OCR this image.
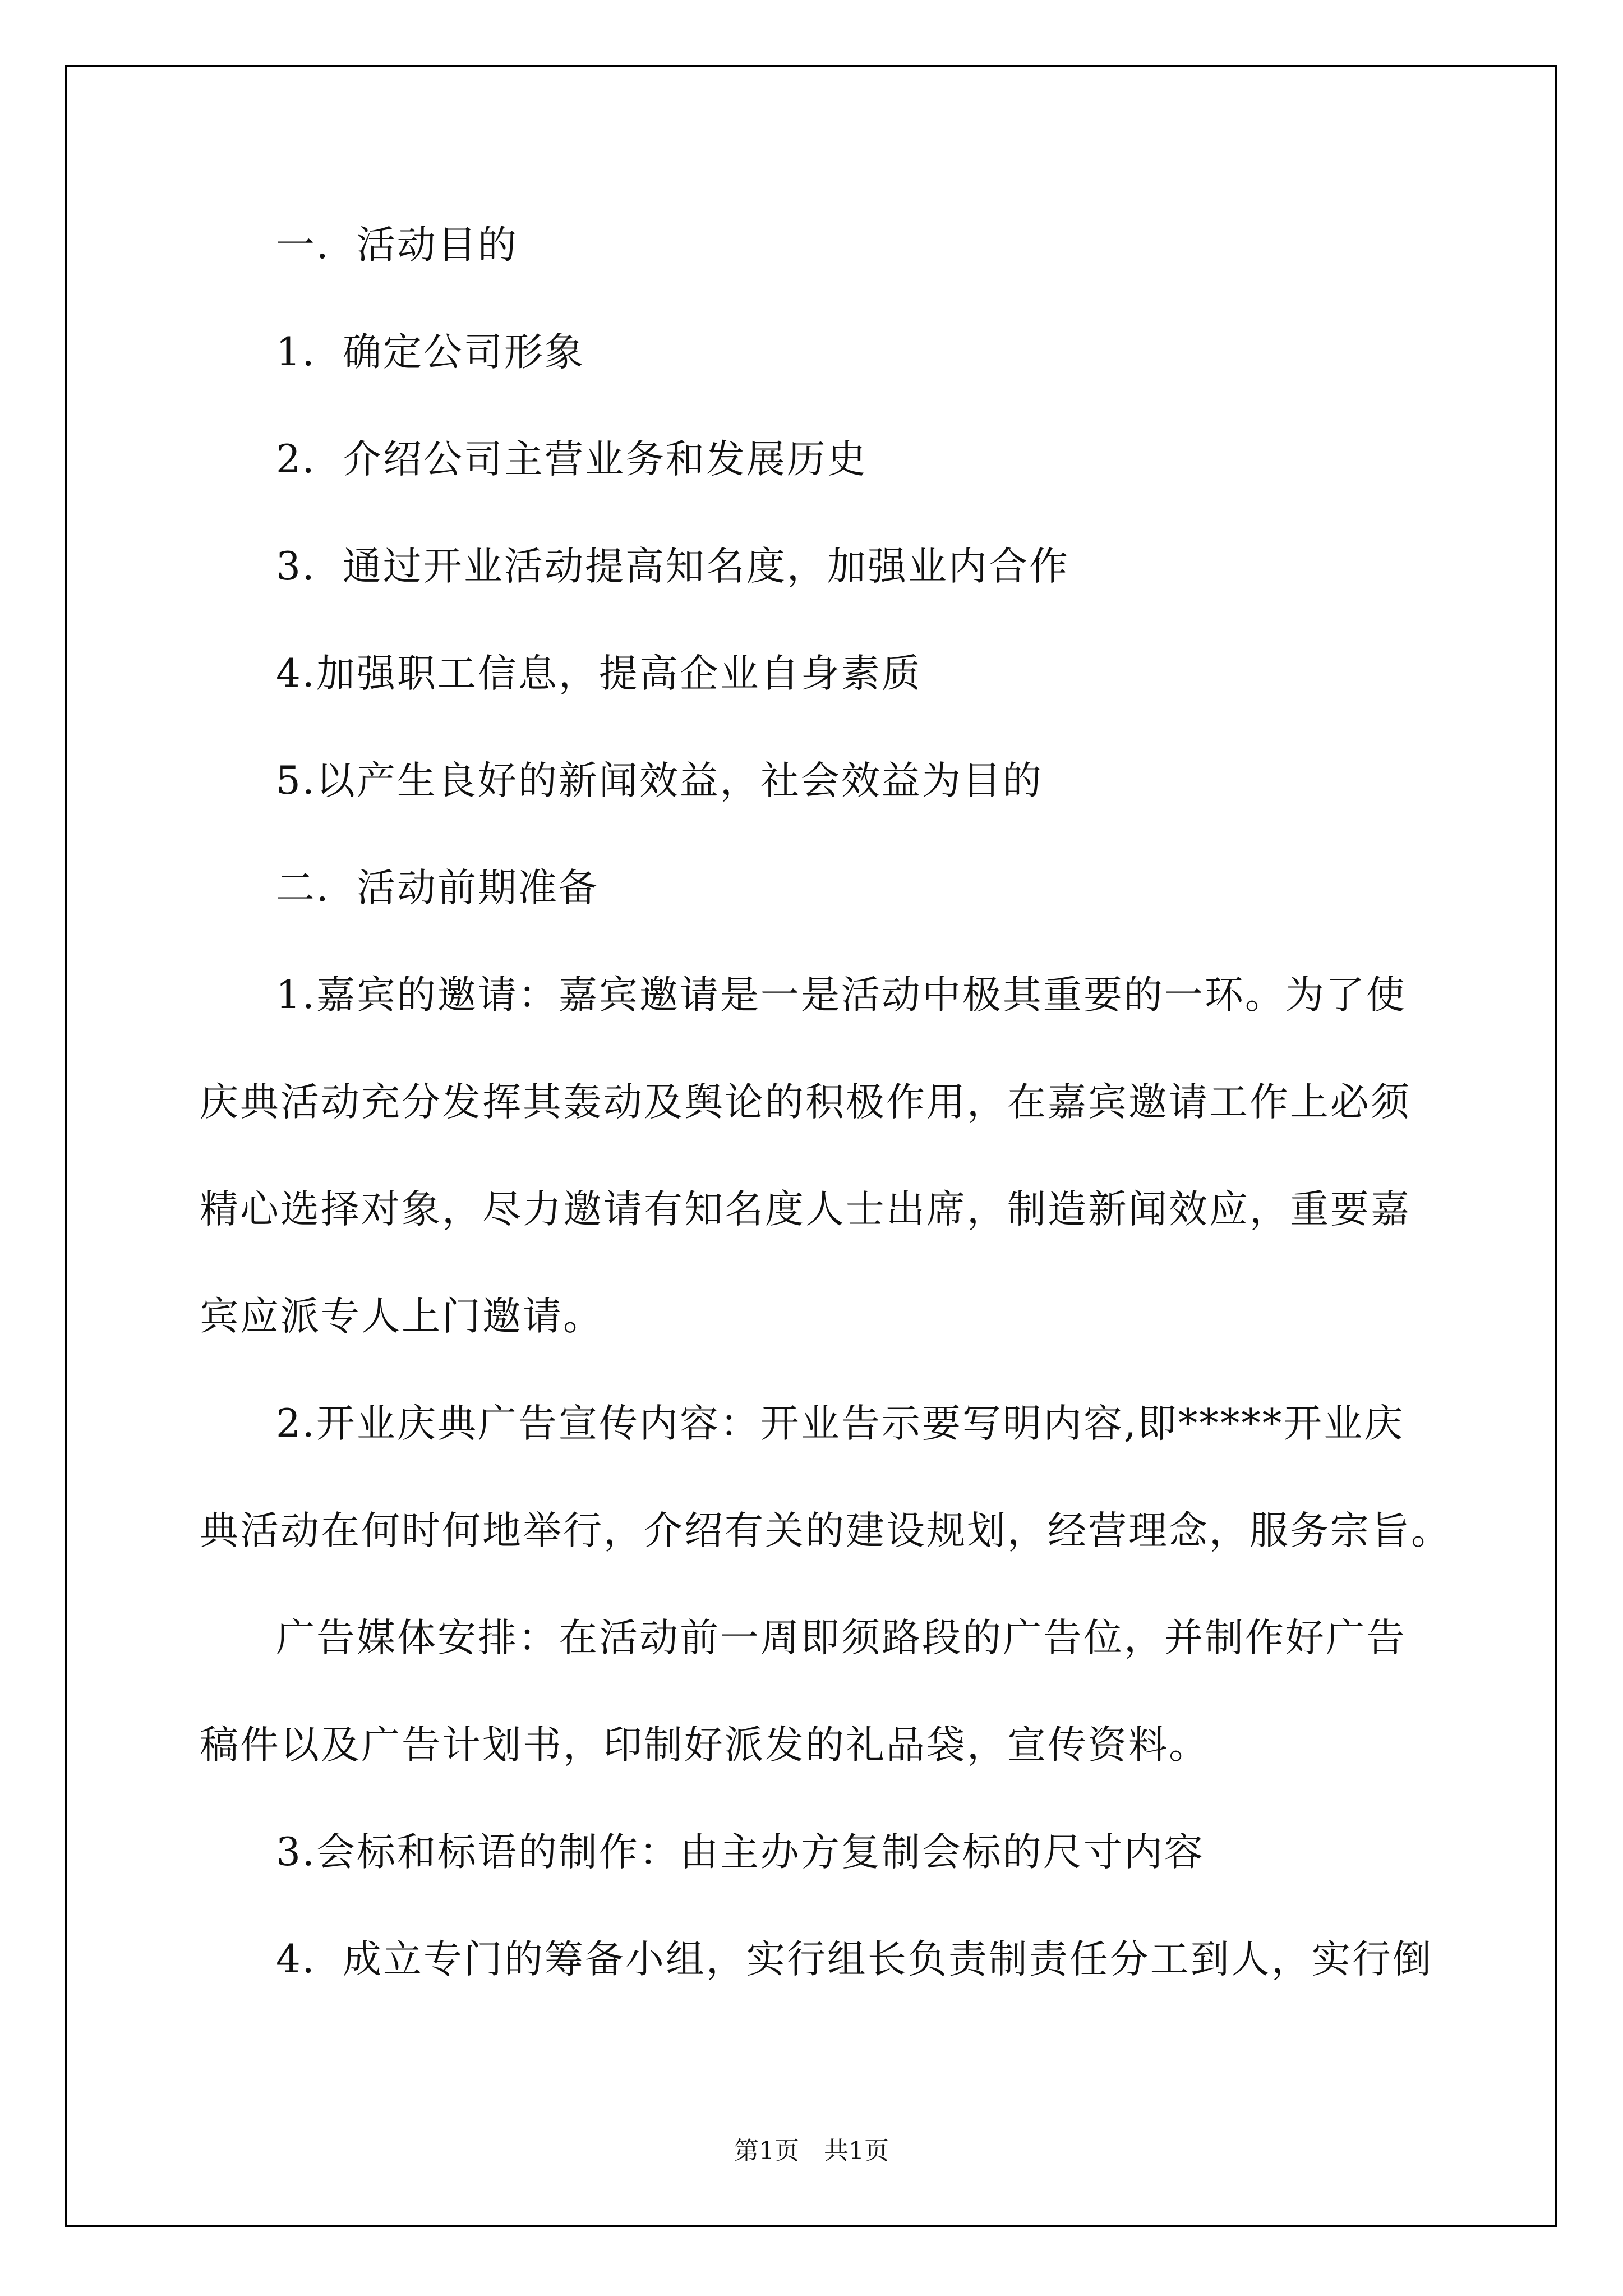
一．活动目的

1．确定公司形象

2．介绍公司主营业务和发展历史

3．通过开业活动提高知名度，加强业内合作

4.加强职工信息，提高企业自身素质

5.以产生良好的新闻效益，社会效益为目的

二．活动前期准备

1.嘉宾的邀请：嘉宾邀请是一是活动中极其重要的一环。为了使

庆典活动充分发挥其轰动及舆论的积极作用，在嘉宾邀请工作上必须

精心选择对象，尽力邀请有知名度人士出席，制造新闻效应，重要嘉

宾应派专人上门邀请。

2.开业庆典广告宣传内容：开业告示要写明内容,即*****开业庆

典活动在何时何地举行，介绍有关的建设规划，经营理念，服务宗旨。

广告媒体安排：在活动前一周即须路段的广告位，并制作好广告

稿件以及广告计划书，印制好派发的礼品袋，宣传资料。

3.会标和标语的制作：由主办方复制会标的尺寸内容

4．成立专门的筹备小组，实行组长负责制责任分工到人，实行倒

第1页　共1页
